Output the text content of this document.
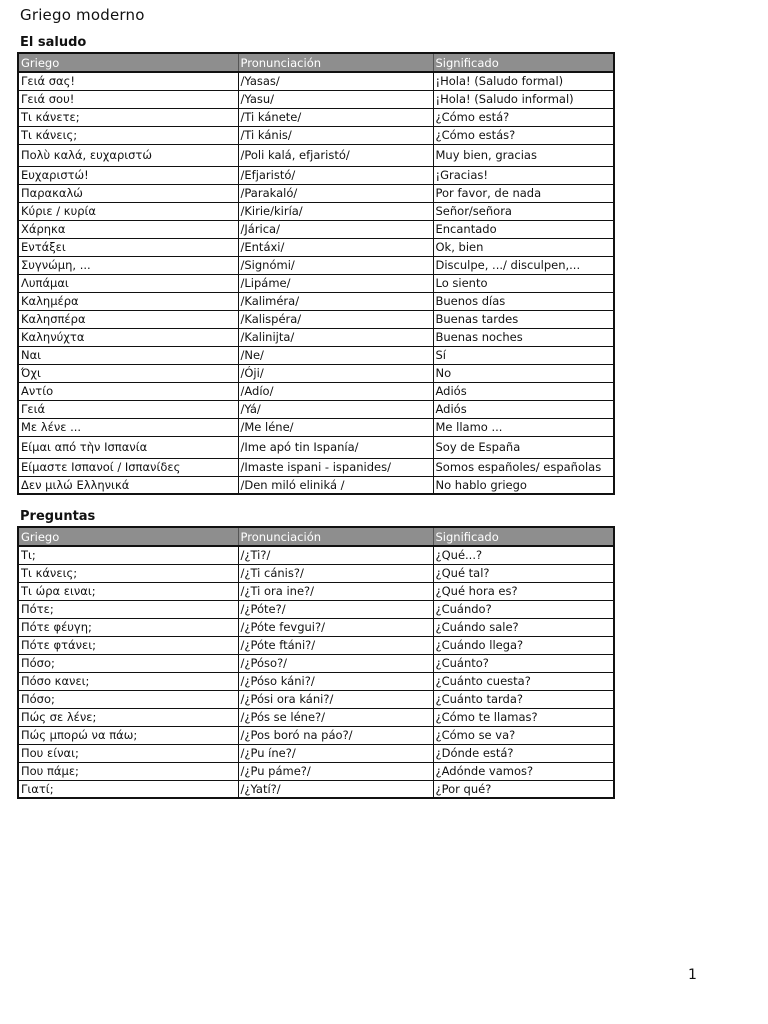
Griego moderno
El saludo
Griego	Pronunciación	Significado
Γειά σας!	/Yasas/	¡Hola! (Saludo formal)
Γειά σου!	/Yasu/	¡Hola! (Saludo informal)
Τι κάνετε;	/Ti kánete/	¿Cómo está?
Τι κάνεις;	/Ti kánis/	¿Cómo estás?
Πολὺ καλά, ευχαριστώ	/Poli kalá, efjaristó/	Muy bien, gracias
Ευχαριστώ!	/Efjaristó/	¡Gracias!
Παρακαλώ	/Parakaló/	Por favor, de nada
Κύριε / κυρία	/Kirie/kiría/	Señor/señora
Χάρηκα	/Járica/	Encantado
Εντάξει	/Entáxi/	Ok, bien
Συγνώμη, ...	/Signómi/	Disculpe, .../ disculpen,...
Λυπάμαι	/Lipáme/	Lo siento
Καλημέρα	/Kaliméra/	Buenos días
Καλησπέρα	/Kalispéra/	Buenas tardes
Καληνύχτα	/Kalinijta/	Buenas noches
Ναι	/Ne/	Sí
Όχι	/Óji/	No
Αντίο	/Adío/	Adiós
Γειά	/Yá/	Adiós
Με λένε ...	/Me léne/	Me llamo ...
Είμαι από τὴν Ισπανία	/Ime apó tin Ispanía/	Soy de España
Είμαστε Ισπανοί / Ισπανίδες	/Imaste ispani - ispanides/	Somos españoles/ españolas
Δεν μιλώ Ελληνικά	/Den miló eliniká /	No hablo griego
Preguntas
Griego	Pronunciación	Significado
Τι;	/¿Ti?/	¿Qué...?
Τι κάνεις;	/¿Ti cánis?/	¿Qué tal?
Τι ώρα ειναι;	/¿Ti ora ine?/	¿Qué hora es?
Πότε;	/¿Póte?/	¿Cuándo?
Πότε φέυγη;	/¿Póte fevgui?/	¿Cuándo sale?
Πότε φτάνει;	/¿Póte ftáni?/	¿Cuándo llega?
Πόσο;	/¿Póso?/	¿Cuánto?
Πόσο κανει;	/¿Póso káni?/	¿Cuánto cuesta?
Πόσο;	/¿Pósi ora káni?/	¿Cuánto tarda?
Πώς σε λένε;	/¿Pós se léne?/	¿Cómo te llamas?
Πώς μπορώ να πάω;	/¿Pos boró na páo?/	¿Cómo se va?
Που είναι;	/¿Pu íne?/	¿Dónde está?
Που πάμε;	/¿Pu páme?/	¿Adónde vamos?
Γιατί;	/¿Yatí?/	¿Por qué?
1
